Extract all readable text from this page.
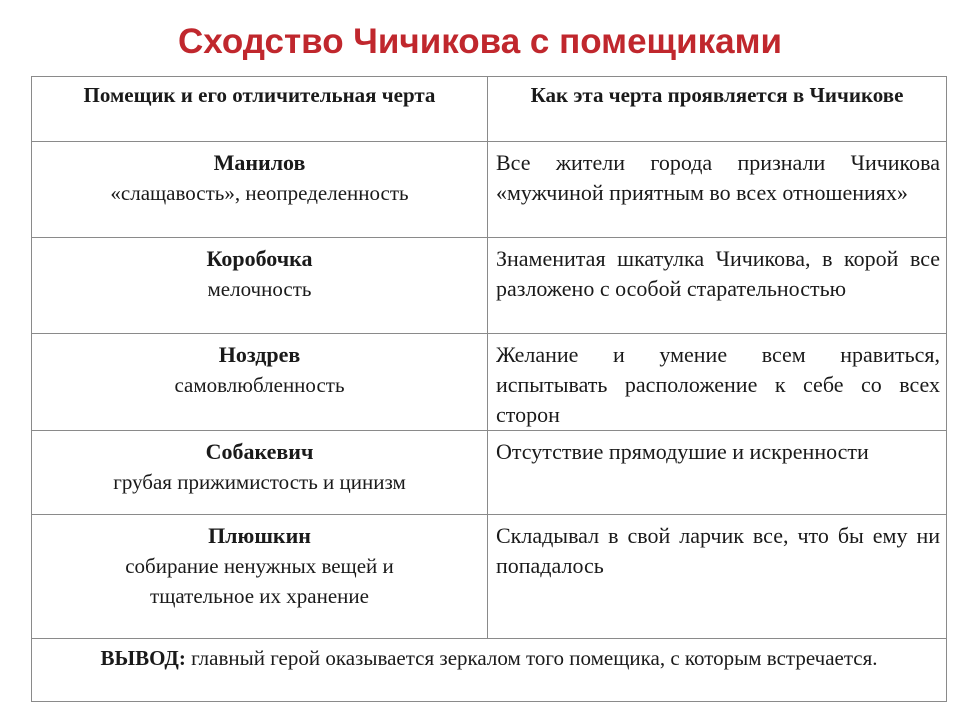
Сходство Чичикова с помещиками
Помещик и его отличительная черта	Как эта черта проявляется в Чичикове

Манилов
«слащавость», неопределенность	Все жители города признали Чичикова «мужчиной приятным во всех отношениях»

Коробочка
мелочность	Знаменитая шкатулка Чичикова, в корой все разложено с особой старательностью

Ноздрев
самовлюбленность	Желание и умение всем нравиться, испытывать расположение к себе со всех сторон

Собакевич
грубая прижимистость и цинизм	Отсутствие прямодушие и искренности

Плюшкин
собирание ненужных вещей и тщательное их хранение	Складывал в свой ларчик все, что бы ему ни попадалось

ВЫВОД: главный герой оказывается зеркалом того помещика, с которым встречается.	
